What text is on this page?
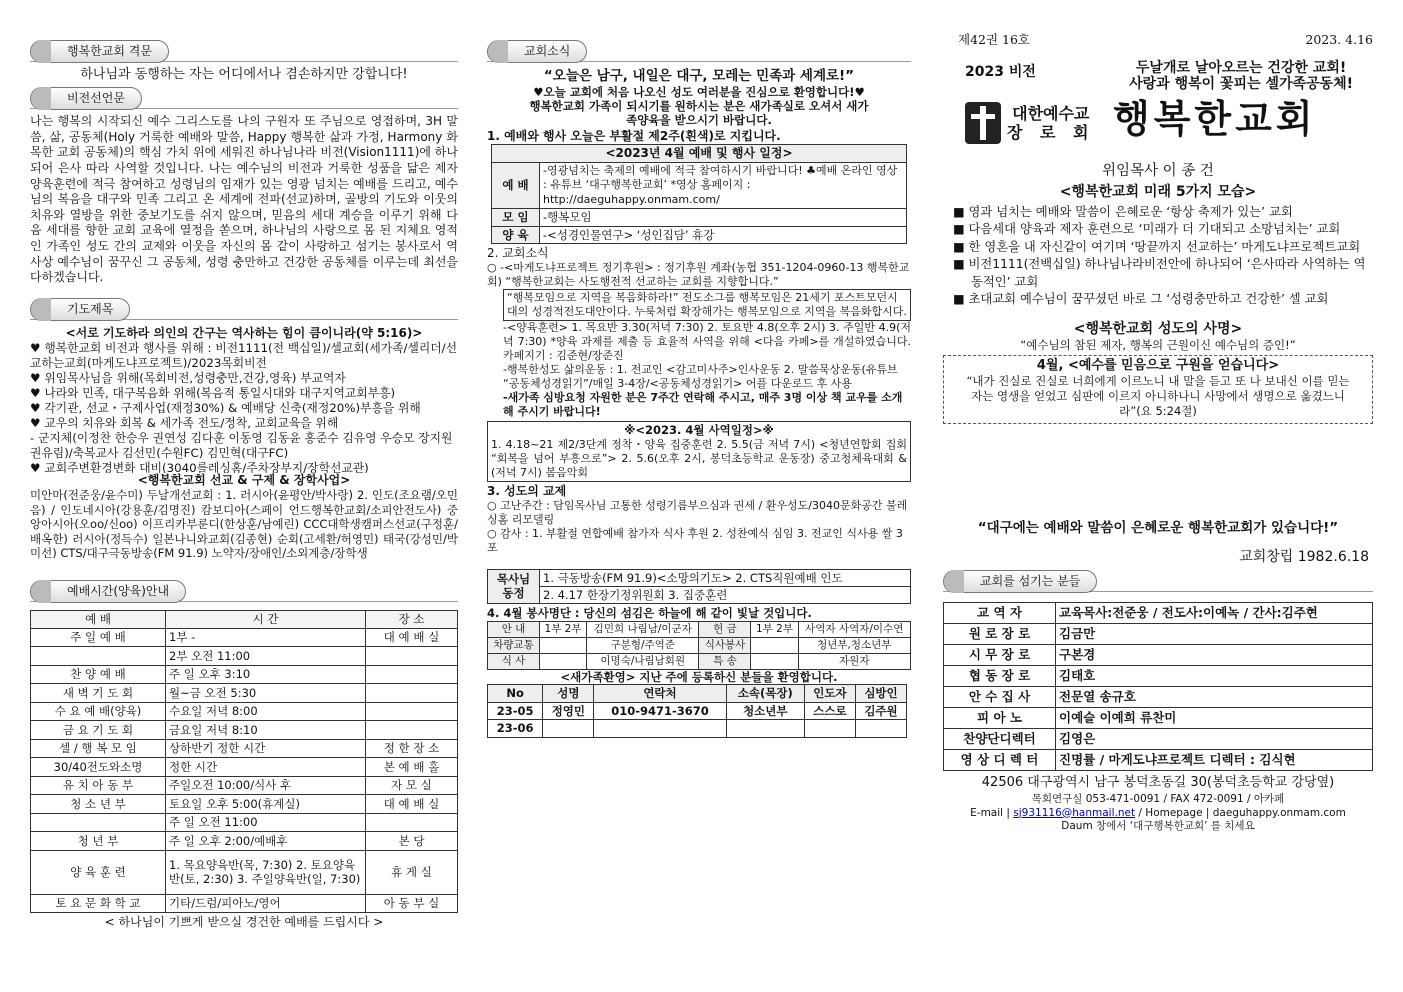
행복한교회 격문
하나님과 동행하는 자는 어디에서나 겸손하지만 강합니다!
비전선언문
나는 행복의 시작되신 예수 그리스도를 나의 구원자 또 주님으로 영접하며, 3H 말씀, 삶, 공동체(Holy 거룩한 예배와 말씀, Happy 행복한 삶과 가정, Harmony 화목한 교회 공동체)의 핵심 가치 위에 세워진 하나님나라 비전(Vision1111)에 하나 되어 은사 따라 사역할 것입니다. 나는 예수님의 비전과 거룩한 성품을 닮은 제자양육훈련에 적극 참여하고 성령님의 임재가 있는 영광 넘치는 예배를 드리고, 예수님의 복음을 대구와 민족 그리고 온 세계에 전파(선교)하며, 골방의 기도와 이웃의 치유와 열방을 위한 중보기도를 쉬지 않으며, 믿음의 세대 계승을 이루기 위해 다음 세대를 향한 교회 교육에 열정을 쏟으며, 하나님의 사랑으로 몸 된 지체요 영적인 가족인 성도 간의 교제와 이웃을 자신의 몸 같이 사랑하고 섬기는 봉사로서 역사상 예수님이 꿈꾸신 그 공동체, 성령 충만하고 건강한 공동체를 이루는데 최선을 다하겠습니다.
기도제목
<서로 기도하라 의인의 간구는 역사하는 힘이 큼이니라(약 5:16)>
♥ 행복한교회 비전과 행사를 위해 : 비전1111(전 백십일)/셀교회(세가족/셀리더/선교하는교회(마게도냐프로젝트)/2023목회비전
♥ 위임목사님을 위해(목회비전,성령충만,건강,영육) 부교역자
♥ 나라와 민족, 대구복음화 위해(복음적 통일시대와 대구지역교회부흥)
♥ 각기관, 선교・구제사업(재정30%) & 예배당 신축(재정20%)부흥을 위해
♥ 교우의 치유와 회복 & 세가족 전도/정착, 교회교육을 위해
- 군지체(이정찬 한승우 권연성 김다훈 이동영 김동윤 홍준수 김유영 우승모 장지원 권유림)/축복교사 김선민(수원FC) 김민혁(대구FC)
♥ 교회주변환경변화 대비(3040를레싱홈/주차장부지/장학선교관)
<행복한교회 선교 & 구제 & 장학사업>
미안마(전준웅/윤수미) 두날개선교회 : 1. 러시아(윤평안/박사랑) 2. 인도(조요램/오민음) / 인도네시아(강용훈/김명진) 캄보디아(스페이 언드행복한교회/소피안전도사) 중앙아시아(오oo/신oo) 이프리카부룬디(한상훈/남예린) CCC대학생캠퍼스선교(구정훈/배옥한) 러시아(정득수) 일본나니와교회(김종현) 순회(고세환/허영민) 태국(강성민/박미선) CTS/대구극동방송(FM 91.9) 노약자/장애인/소외계층/장학생
예배시간(양육)안내
예 배	시 간	장 소
주 일 예 배	1부 -	대 예 배 실
	2부 오전 11:00	
찬 양 예 배	주 일 오후 3:10	
새 벽 기 도 회	월~금 오전 5:30	
수 요 예 배(양육)	수요일 저녁 8:00	
금 요 기 도 회	금요일 저녁 8:10	
셀 / 행 복 모 임	상하반기 정한 시간	정 한 장 소
30/40전도와소명	정한 시간	본 예 배 홀
유 치 아 동 부	주일오전 10:00/식사 후	자 모 실
청 소 년 부	토요일 오후 5:00(휴계실)	대 예 배 실
	주 일 오전 11:00	
청 년 부	주 일 오후 2:00/예배후	본 당
양 육 훈 련	1. 목요양육반(목, 7:30) 2. 토요양육반(토, 2:30) 3. 주일양육반(일, 7:30)	휴 게 실
토 요 문 화 학 교	기타/드럼/피아노/영어	아 동 부 실
< 하나님이 기쁘게 받으실 경건한 예배를 드립시다 >
교회소식
“오늘은 남구, 내일은 대구, 모레는 민족과 세계로!”
♥오늘 교회에 처음 나오신 성도 여러분을 진심으로 환영합니다!♥ 행복한교회 가족이 되시기를 원하시는 분은 새가족실로 오셔서 새가족양육을 받으시기 바랍니다.
1. 예배와 행사 오늘은 부활절 제2주(흰색)로 지킵니다.
<2023년 4월 예배 및 행사 일정>	
예 배	-영광넘치는 축제의 예배에 적극 참여하시기 바랍니다! ♣예배 온라인 영상 : 유튜브 ‘대구행복한교회’ *영상 홈페이지 : http://daeguhappy.onmam.com/
모 임	-행복모임
양 육	-<성경인물연구> ‘성인집담’ 휴강
2. 교회소식
○ -<마게도냐프로젝트 정기후원> : 정기후원 계좌(농협 351-1204-0960-13 행복한교회) “행복한교회는 사도행전적 선교하는 교회를 지향합니다.”
“행복모임으로 지역을 복음화하라!” 전도소그룹 행복모임은 21세기 포스트모던시대의 성경적전도대안이다. 누룩처럼 확장해가는 행복모임으로 지역을 복음화합시다.
-<양육훈련> 1. 목요반 3.30(저녁 7:30) 2. 토요반 4.8(오후 2시) 3. 주일반 4.9(저녁 7:30) *양육 과제를 제출 등 효율적 사역을 위해 <다음 카페>를 개설하였습니다. 카페지기 : 김준현/장준진
-행복한성도 삶의운동 : 1. 전교인 <감고미사주>인사운동 2. 말씀묵상운동(유튜브 “공동체성경읽기”/매일 3-4장/<공동체성경읽기> 어플 다운로드 후 사용
-새가족 심방요청 자원한 분은 7주간 연락해 주시고, 매주 3명 이상 책 교우를 소개해 주시기 바랍니다!
※<2023. 4월 사역일정>※
1. 4.18~21 제2/3단계 정착・양육 집중훈련 2. 5.5(금 저녁 7시) <청년연합회 집회 “회복을 넘어 부흥으로”> 2. 5.6(오후 2시, 봉덕초등학교 운동장) 중고청체육대회 & (저녁 7시) 봄음악회
3. 성도의 교제
○ 고난주간 : 담임목사님 고통한 성령기름부으심과 권세 / 환우성도/3040문화공간 불레싱홈 리모델링
○ 감사 : 1. 부활절 연합예배 참가자 식사 후원 2. 성찬예식 심임 3. 전교인 식사용 쌀 3포
목사님 동정	1. 극동방송(FM 91.9)<소망의기도> 2. CTS직원예배 인도
2. 4.17 한장기정위원회 3. 집중훈련
4. 4월 봉사명단 : 당신의 섬김은 하늘에 해 같이 빛날 것입니다.
안 내	1부 2부	김민희 나림남/이군자	헌 금	1부 2부	사역자 사역자/이수연
차량교통		구분형/주역준	식사봉사		청년부,청소년부
식 사		이명숙/나림남회원	특 송		자원자
<새가족환영> 지난 주에 등록하신 분들을 환영합니다.
No	성명	연락처	소속(목장)	인도자	심방인
23-05	정영민	010-9471-3670	청소년부	스스로	김주원
23-06					
제42권 16호	2023. 4.16
2023 비전	두날개로 날아오르는 건강한 교회!
사랑과 행복이 꽃피는 셀가족공동체!
대한예수교
장 로 회 행복한교회
위임목사 이 종 건
<행복한교회 미래 5가지 모습>
■ 영과 넘치는 예배와 말씀이 은혜로운 ‘항상 축제가 있는’ 교회
■ 다음세대 양육과 제자 훈련으로 ‘미래가 더 기대되고 소망넘치는’ 교회
■ 한 영혼을 내 자신같이 여기며 ‘땅끝까지 선교하는’ 마게도냐프로젝트교회
■ 비전1111(전백십일) 하나님나라비전안에 하나되어 ‘은사따라 사역하는 역동적인’ 교회
■ 초대교회 예수님이 꿈꾸셨던 바로 그 ‘성령충만하고 건강한’ 셀 교회
<행복한교회 성도의 사명>
“예수님의 참된 제자, 행복의 근원이신 예수님의 증인!”
4월, <예수를 믿음으로 구원을 얻습니다>
“내가 진실로 진실로 너희에게 이르노니 내 말을 듣고 또 나 보내신 이를 믿는 자는 영생을 얻었고 심판에 이르지 아니하나니 사망에서 생명으로 옮겼느니라”(요 5:24절)
“대구에는 예배와 말씀이 은혜로운 행복한교회가 있습니다!”
교회창립 1982.6.18
교회를 섬기는 분들
교 역 자	교육목사:전준웅 / 전도사:이예녹 / 간사:김주현
원 로 장 로	김금만
시 무 장 로	구본경
협 동 장 로	김태호
안 수 집 사	전문열 송규호
피 아 노	이예슬 이예희 류찬미
찬양단디렉터	김영은
영 상 디 렉 터	진명률 / 마게도냐프로젝트 디렉터 : 김식현
42506 대구광역시 남구 봉덕초동길 30(봉덕초등학교 강당옆)
목회연구실 053-471-0091 / FAX 472-0091 / 아카페
E-mail | sj931116@hanmail.net / Homepage | daeguhappy.onmam.com
Daum 창에서 ‘대구행복한교회’ 를 치세요
